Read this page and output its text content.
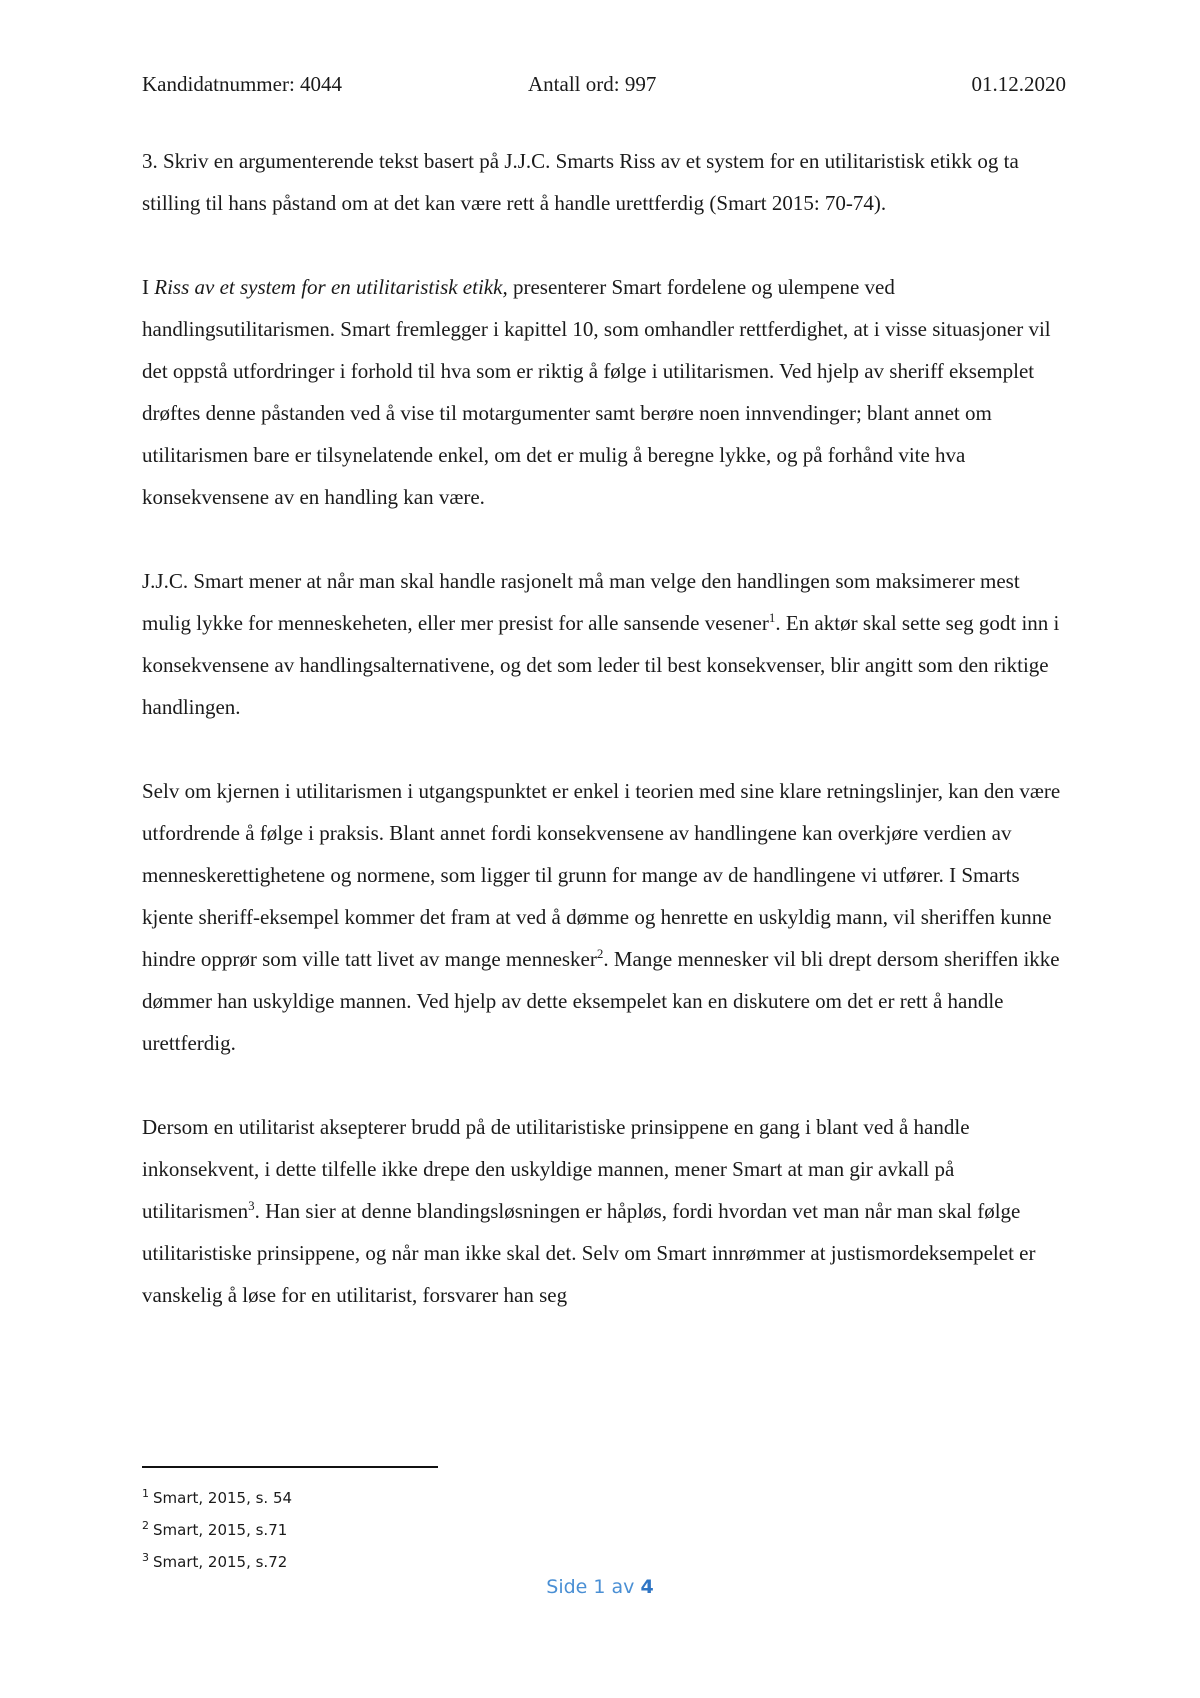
Kandidatnummer: 4044	Antall ord: 997	01.12.2020

3. Skriv en argumenterende tekst basert på J.J.C. Smarts Riss av et system for en utilitaristisk etikk og ta stilling til hans påstand om at det kan være rett å handle urettferdig (Smart 2015: 70-74).

I Riss av et system for en utilitaristisk etikk, presenterer Smart fordelene og ulempene ved handlingsutilitarismen. Smart fremlegger i kapittel 10, som omhandler rettferdighet, at i visse situasjoner vil det oppstå utfordringer i forhold til hva som er riktig å følge i utilitarismen. Ved hjelp av sheriff eksemplet drøftes denne påstanden ved å vise til motargumenter samt berøre noen innvendinger; blant annet om utilitarismen bare er tilsynelatende enkel, om det er mulig å beregne lykke, og på forhånd vite hva konsekvensene av en handling kan være.

J.J.C. Smart mener at når man skal handle rasjonelt må man velge den handlingen som maksimerer mest mulig lykke for menneskeheten, eller mer presist for alle sansende vesener$^1$. En aktør skal sette seg godt inn i konsekvensene av handlingsalternativene, og det som leder til best konsekvenser, blir angitt som den riktige handlingen.

Selv om kjernen i utilitarismen i utgangspunktet er enkel i teorien med sine klare retningslinjer, kan den være utfordrende å følge i praksis. Blant annet fordi konsekvensene av handlingene kan overkjøre verdien av menneskerettighetene og normene, som ligger til grunn for mange av de handlingene vi utfører. I Smarts kjente sheriff-eksempel kommer det fram at ved å dømme og henrette en uskyldig mann, vil sheriffen kunne hindre opprør som ville tatt livet av mange mennesker$^2$. Mange mennesker vil bli drept dersom sheriffen ikke dømmer han uskyldige mannen. Ved hjelp av dette eksempelet kan en diskutere om det er rett å handle urettferdig.

Dersom en utilitarist aksepterer brudd på de utilitaristiske prinsippene en gang i blant ved å handle inkonsekvent, i dette tilfelle ikke drepe den uskyldige mannen, mener Smart at man gir avkall på utilitarismen$^3$. Han sier at denne blandingsløsningen er håpløs, fordi hvordan vet man når man skal følge utilitaristiske prinsippene, og når man ikke skal det. Selv om Smart innrømmer at justismordeksempelet er vanskelig å løse for en utilitarist, forsvarer han seg

$^1$ Smart, 2015, s. 54
$^2$ Smart, 2015, s.71
$^3$ Smart, 2015, s.72
Side 1 av 4
